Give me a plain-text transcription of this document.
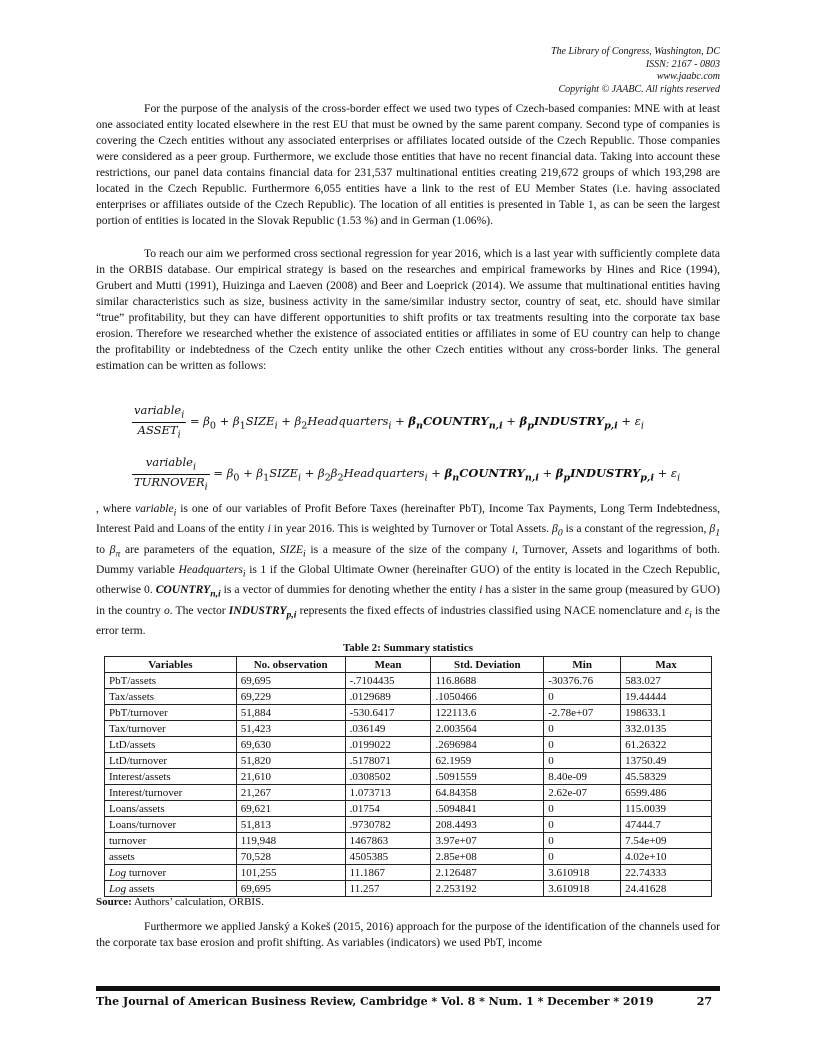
The Library of Congress, Washington, DC
ISSN: 2167 - 0803
www.jaabc.com
Copyright © JAABC. All rights reserved

For the purpose of the analysis of the cross-border effect we used two types of Czech-based companies: MNE with at least one associated entity located elsewhere in the rest EU that must be owned by the same parent company. Second type of companies is covering the Czech entities without any associated enterprises or affiliates located outside of the Czech Republic. Those companies were considered as a peer group. Furthermore, we exclude those entities that have no recent financial data. Taking into account these restrictions, our panel data contains financial data for 231,537 multinational entities creating 219,672 groups of which 193,298 are located in the Czech Republic. Furthermore 6,055 entities have a link to the rest of EU Member States (i.e. having associated enterprises or affiliates outside of the Czech Republic). The location of all entities is presented in Table 1, as can be seen the largest portion of entities is located in the Slovak Republic (1.53 %) and in German (1.06%).

To reach our aim we performed cross sectional regression for year 2016, which is a last year with sufficiently complete data in the ORBIS database. Our empirical strategy is based on the researches and empirical frameworks by Hines and Rice (1994), Grubert and Mutti (1991), Huizinga and Laeven (2008) and Beer and Loeprick (2014). We assume that multinational entities having similar characteristics such as size, business activity in the same/similar industry sector, country of seat, etc. should have similar “true” profitability, but they can have different opportunities to shift profits or tax treatments resulting into the corporate tax base erosion. Therefore we researched whether the existence of associated entities or affiliates in some of EU country can help to change the profitability or indebtedness of the Czech entity unlike the other Czech entities without any cross-border links. The general estimation can be written as follows:

$\frac{variable_i}{ASSET_i} = \beta_0$ + $\beta_1SIZE_i$ + $\beta_2Headquarters_i$ + $\beta_nCOUNTRY_{n,i}$ + $\beta_pINDUSTRY_{p,i} + \varepsilon_i$
$\frac{variable_i}{TURNOVER_i} = \beta_0$ + $\beta_1SIZE_i$ + $\beta_2\beta_2Headquarters_i$ + $\beta_nCOUNTRY_{n,i}$ + $\beta_pINDUSTRY_{p,i} + \varepsilon_i$

, where variable$_i$ is one of our variables of Profit Before Taxes (hereinafter PbT), Income Tax Payments, Long Term Indebtedness, Interest Paid and Loans of the entity i in year 2016. This is weighted by Turnover or Total Assets. $\beta_0$ is a constant of the regression, $\beta_1$ to $\beta_\pi$ are parameters of the equation, $SIZE_i$ is a measure of the size of the company i, Turnover, Assets and logarithms of both. Dummy variable Headquarters$_i$ is 1 if the Global Ultimate Owner (hereinafter GUO) of the entity is located in the Czech Republic, otherwise 0. $COUNTRY_{n,i}$ is a vector of dummies for denoting whether the entity i has a sister in the same group (measured by GUO) in the country o. The vector $INDUSTRY_{p,i}$ represents the fixed effects of industries classified using NACE nomenclature and $\varepsilon_i$ is the error term.

Table 2: Summary statistics
Variables	No. observation	Mean	Std. Deviation	Min	Max
PbT/assets	69,695	-.7104435	116.8688	-30376.76	583.027
Tax/assets	69,229	.0129689	.1050466	0	19.44444
PbT/turnover	51,884	-530.6417	122113.6	-2.78e+07	198633.1
Tax/turnover	51,423	.036149	2.003564	0	332.0135
LtD/assets	69,630	.0199022	.2696984	0	61.26322
LtD/turnover	51,820	.5178071	62.1959	0	13750.49
Interest/assets	21,610	.0308502	.5091559	8.40e-09	45.58329
Interest/turnover	21,267	1.073713	64.84358	2.62e-07	6599.486
Loans/assets	69,621	.01754	.5094841	0	115.0039
Loans/turnover	51,813	.9730782	208.4493	0	47444.7
turnover	119,948	1467863	3.97e+07	0	7.54e+09
assets	70,528	4505385	2.85e+08	0	4.02e+10
Log turnover	101,255	11.1867	2.126487	3.610918	22.74333
Log assets	69,695	11.257	2.253192	3.610918	24.41628
Source: Authors’ calculation, ORBIS.

Furthermore we applied Janský a Kokeš (2015, 2016) approach for the purpose of the identification of the channels used for the corporate tax base erosion and profit shifting. As variables (indicators) we used PbT, income

The Journal of American Business Review, Cambridge * Vol. 8 * Num. 1 * December * 2019	27
